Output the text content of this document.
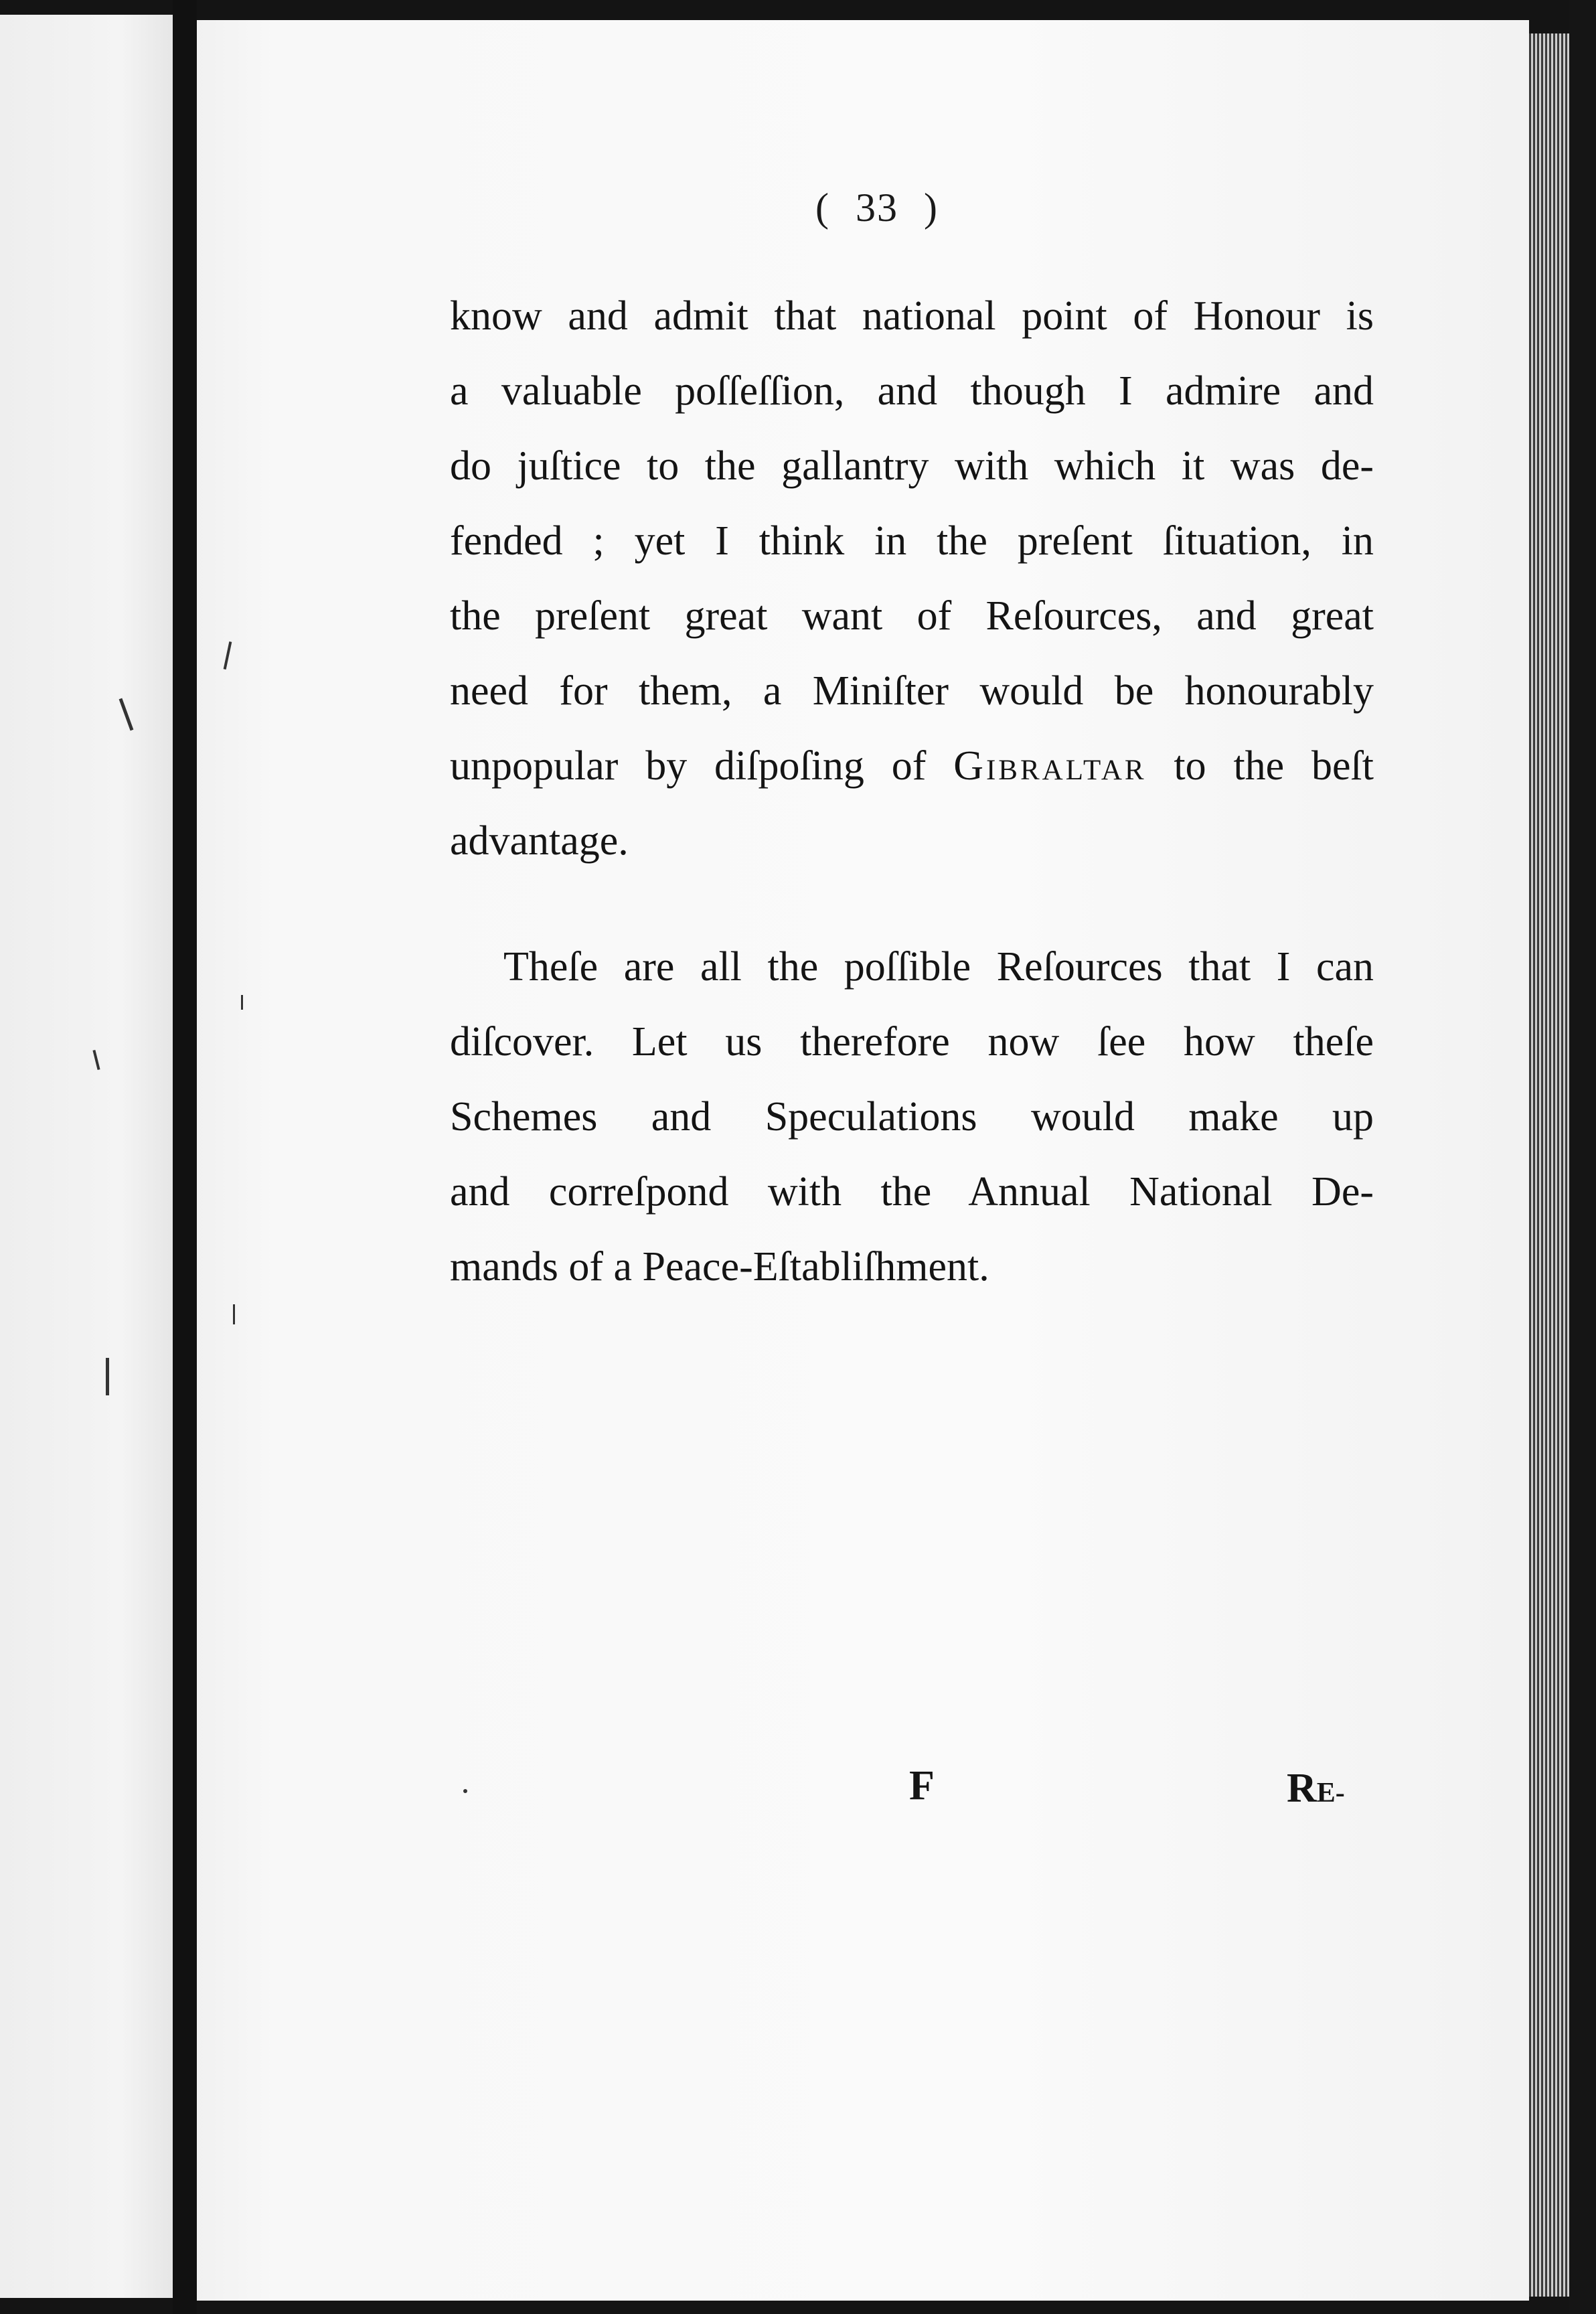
( 33 )
know and admit that national point of Honour is
a valuable poſſeſſion, and though I admire and
do juſtice to the gallantry with which it was de-
fended ; yet I think in the preſent ſituation, in
the preſent great want of Reſources, and great
need for them, a Miniſter would be honourably
unpopular by diſpoſing of Gibraltar to the beſt
advantage.
Theſe are all the poſſible Reſources that I can
diſcover. Let us therefore now ſee how theſe
Schemes and Speculations would make up
and correſpond with the Annual National De-
mands of a Peace-Eſtabliſhment.
F	RE-
